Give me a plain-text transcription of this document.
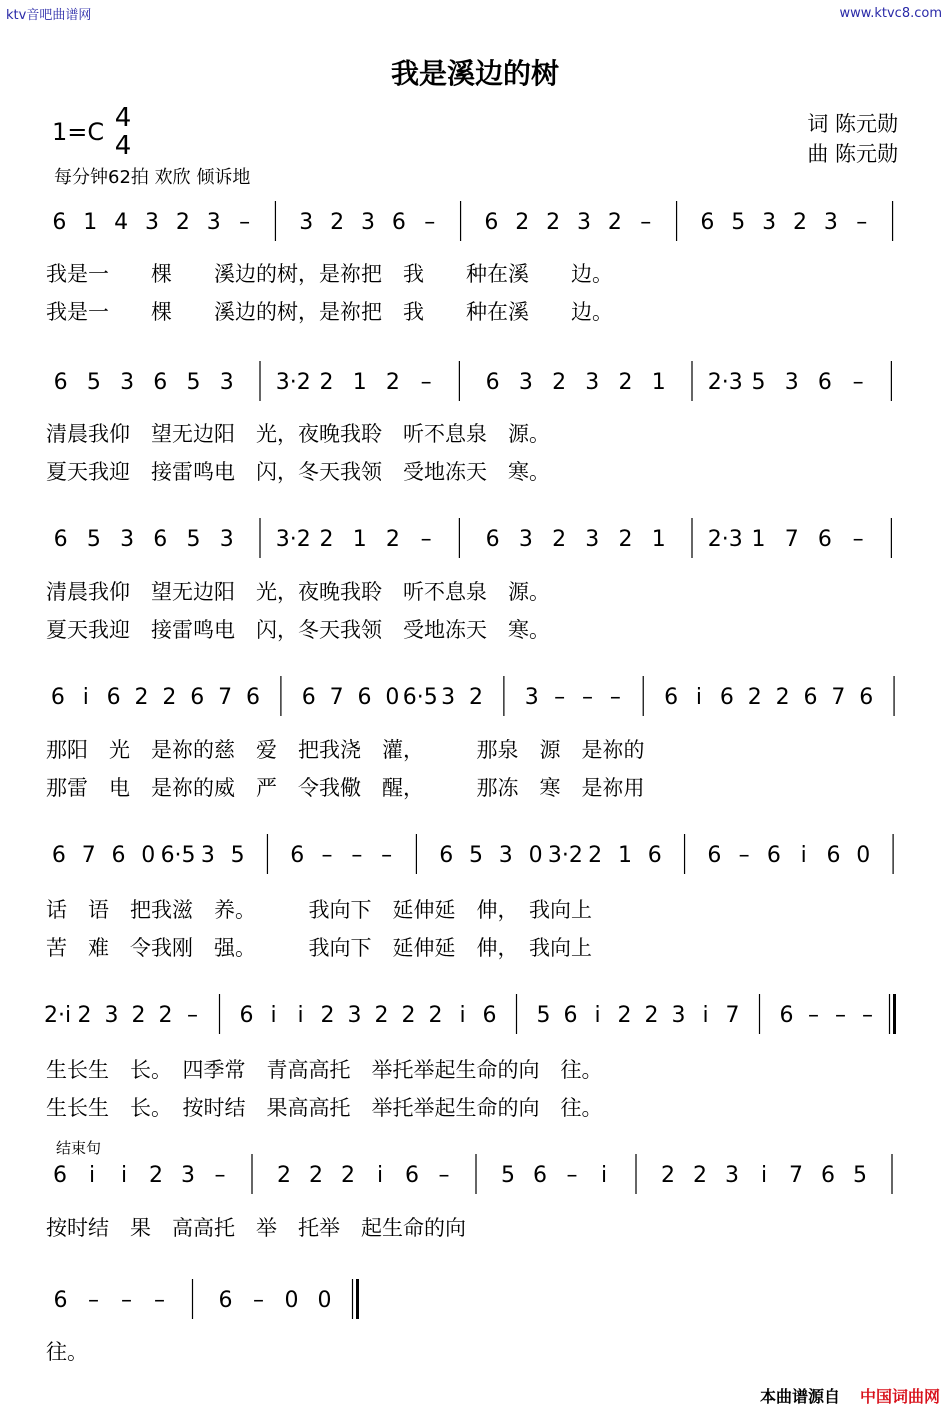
ktv音吧曲谱网	www.ktvc8.com
我是溪边的树
1=C 4
4
词 陈元勋
曲 陈元勋
每分钟62拍 欢欣 倾诉地
6 1 4 3 2 3 – 3 2 3 6 – 6 2 2 3 2 – 6 5 3 2 3 –
我是一　　棵　　溪边的树，是祢把　我　　种在溪　　边。
我是一　　棵　　溪边的树，是祢把　我　　种在溪　　边。
6 5 3 6 5 3 3·2 2 1 2 – 6 3 2 3 2 1 2·3 5 3 6 –
清晨我仰　望无边阳　光，夜晚我聆　听不息泉　源。
夏天我迎　接雷鸣电　闪，冬天我领　受地冻天　寒。
6 5 3 6 5 3 3·2 2 1 2 – 6 3 2 3 2 1 2·3 1 7 6 –
清晨我仰　望无边阳　光，夜晚我聆　听不息泉　源。
夏天我迎　接雷鸣电　闪，冬天我领　受地冻天　寒。
6 i 6 2 2 6 7 6 6 7 6 0 6·5 3 2 3 – – – 6 i 6 2 2 6 7 6
那阳　光　是祢的慈　爱　把我浇　灌，　　　那泉　源　是祢的
那雷　电　是祢的威　严　令我儆　醒，　　　那冻　寒　是祢用
6 7 6 0 6·5 3 5 6 – – – 6 5 3 0 3·2 2 1 6 6 – 6 i 6 0
话　语　把我滋　养。　　　我向下　延伸延　伸，　我向上
苦　难　令我刚　强。　　　我向下　延伸延　伸，　我向上
2·i 2 3 2 2 – 6 i i 2 3 2 2 2 i 6 5 6 i 2 2 3 i 7 6 – – –
生长生　长。　四季常　青高高托　举托举起生命的向　往。
生长生　长。　按时结　果高高托　举托举起生命的向　往。
6 i i 2 3 – 2 2 2 i 6 – 5 6 – i 2 2 3 i 7 6 5
按时结　果　高高托　举　托举　起生命的向
6 – – – 6 – 0 0
往。
结束句
本曲谱源自 中国词曲网
